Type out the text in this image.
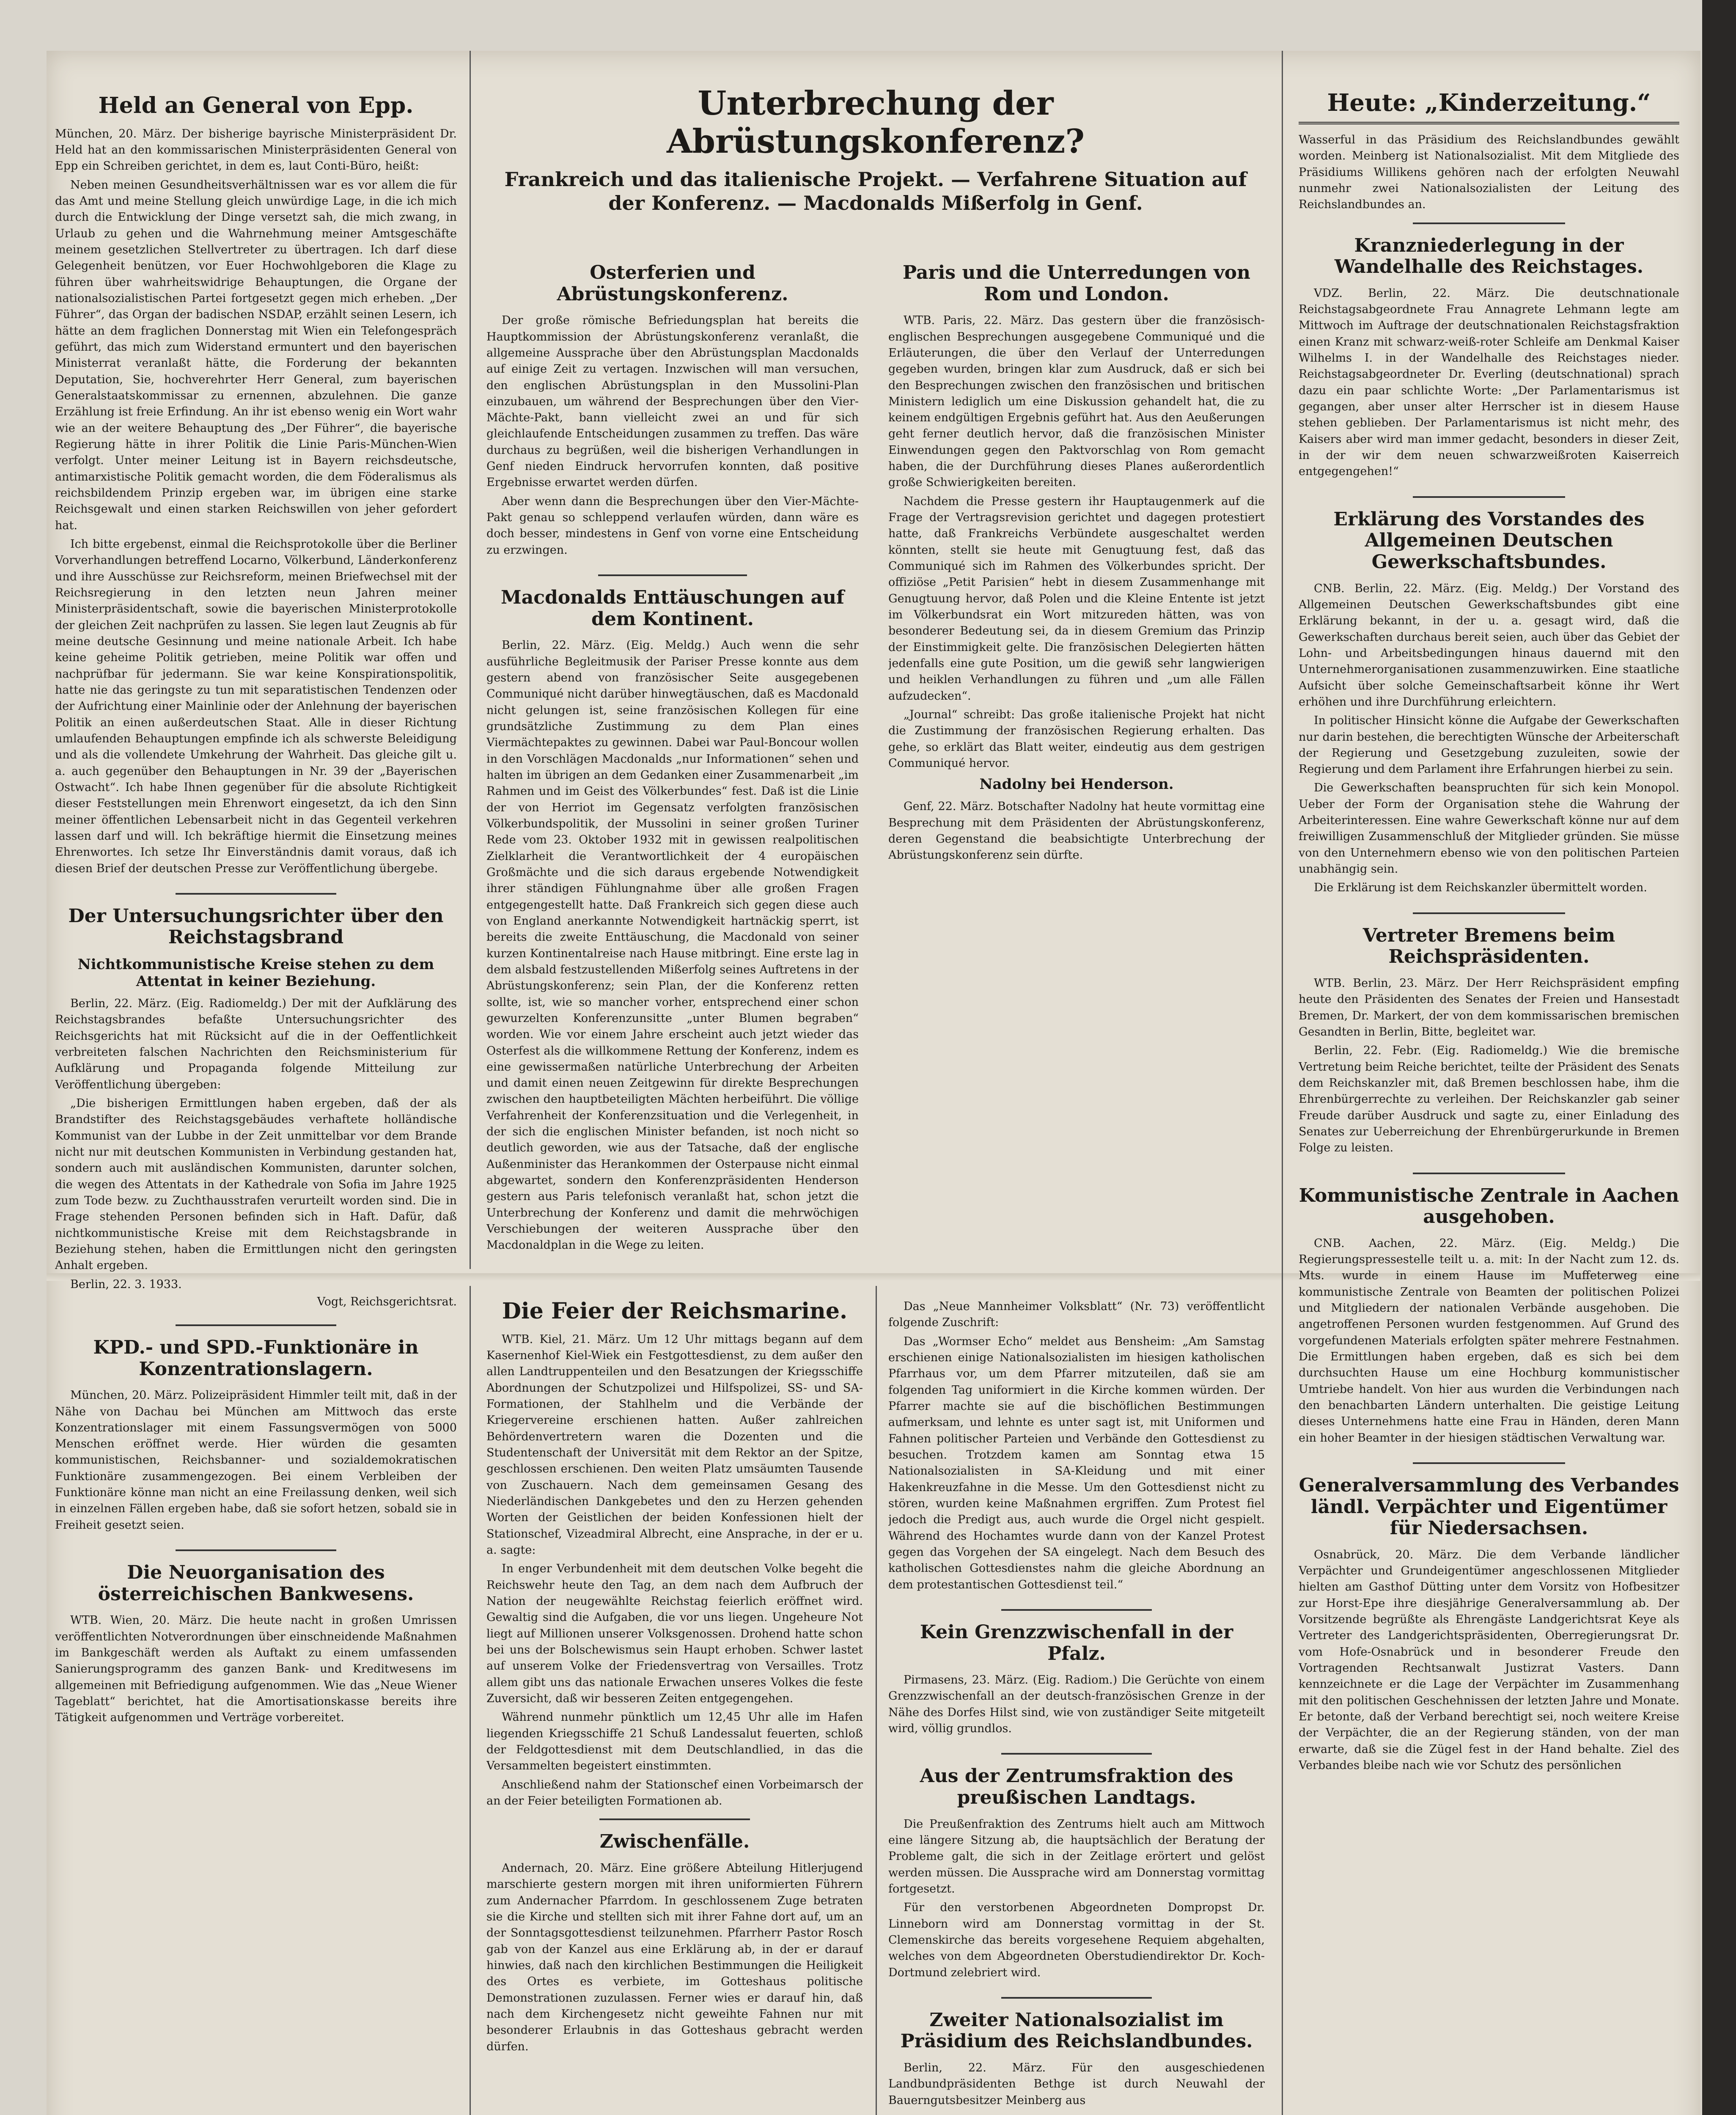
Held an General von Epp.

München, 20. März. Der bisherige bayrische Ministerpräsident Dr. Held hat an den kommissarischen Ministerpräsidenten General von Epp ein Schreiben gerichtet, in dem es, laut Conti-Büro, heißt:

Neben meinen Gesundheitsverhältnissen war es vor allem die für das Amt und meine Stellung gleich unwürdige Lage, in die ich mich durch die Entwicklung der Dinge versetzt sah, die mich zwang, in Urlaub zu gehen und die Wahrnehmung meiner Amtsgeschäfte meinem gesetzlichen Stellvertreter zu übertragen. Ich darf diese Gelegenheit benützen, vor Euer Hochwohlgeboren die Klage zu führen über wahrheitswidrige Behauptungen, die Organe der nationalsozialistischen Partei fortgesetzt gegen mich erheben. „Der Führer“, das Organ der badischen NSDAP, erzählt seinen Lesern, ich hätte an dem fraglichen Donnerstag mit Wien ein Telefongespräch geführt, das mich zum Widerstand ermuntert und den bayerischen Ministerrat veranlaßt hätte, die Forderung der bekannten Deputation, Sie, hochverehrter Herr General, zum bayerischen Generalstaatskommissar zu ernennen, abzulehnen. Die ganze Erzählung ist freie Erfindung. An ihr ist ebenso wenig ein Wort wahr wie an der weitere Behauptung des „Der Führer“, die bayerische Regierung hätte in ihrer Politik die Linie Paris-München-Wien verfolgt. Unter meiner Leitung ist in Bayern reichsdeutsche, antimarxistische Politik gemacht worden, die dem Föderalismus als reichsbildendem Prinzip ergeben war, im übrigen eine starke Reichsgewalt und einen starken Reichswillen von jeher gefordert hat.

Ich bitte ergebenst, einmal die Reichsprotokolle über die Berliner Vorverhandlungen betreffend Locarno, Völkerbund, Länderkonferenz und ihre Ausschüsse zur Reichsreform, meinen Briefwechsel mit der Reichsregierung in den letzten neun Jahren meiner Ministerpräsidentschaft, sowie die bayerischen Ministerprotokolle der gleichen Zeit nachprüfen zu lassen. Sie legen laut Zeugnis ab für meine deutsche Gesinnung und meine nationale Arbeit. Ich habe keine geheime Politik getrieben, meine Politik war offen und nachprüfbar für jedermann. Sie war keine Konspirationspolitik, hatte nie das geringste zu tun mit separatistischen Tendenzen oder der Aufrichtung einer Mainlinie oder der Anlehnung der bayerischen Politik an einen außerdeutschen Staat. Alle in dieser Richtung umlaufenden Behauptungen empfinde ich als schwerste Beleidigung und als die vollendete Umkehrung der Wahrheit. Das gleiche gilt u. a. auch gegenüber den Behauptungen in Nr. 39 der „Bayerischen Ostwacht“. Ich habe Ihnen gegenüber für die absolute Richtigkeit dieser Feststellungen mein Ehrenwort eingesetzt, da ich den Sinn meiner öffentlichen Lebensarbeit nicht in das Gegenteil verkehren lassen darf und will. Ich bekräftige hiermit die Einsetzung meines Ehrenwortes. Ich setze Ihr Einverständnis damit voraus, daß ich diesen Brief der deutschen Presse zur Veröffentlichung übergebe.

Der Untersuchungsrichter über den Reichstagsbrand
Nichtkommunistische Kreise stehen zu dem Attentat in keiner Beziehung.

Berlin, 22. März. (Eig. Radiomeldg.) Der mit der Aufklärung des Reichstagsbrandes befaßte Untersuchungsrichter des Reichsgerichts hat mit Rücksicht auf die in der Oeffentlichkeit verbreiteten falschen Nachrichten den Reichsministerium für Aufklärung und Propaganda folgende Mitteilung zur Veröffentlichung übergeben:

„Die bisherigen Ermittlungen haben ergeben, daß der als Brandstifter des Reichstagsgebäudes verhaftete holländische Kommunist van der Lubbe in der Zeit unmittelbar vor dem Brande nicht nur mit deutschen Kommunisten in Verbindung gestanden hat, sondern auch mit ausländischen Kommunisten, darunter solchen, die wegen des Attentats in der Kathedrale von Sofia im Jahre 1925 zum Tode bezw. zu Zuchthausstrafen verurteilt worden sind. Die in Frage stehenden Personen befinden sich in Haft. Dafür, daß nichtkommunistische Kreise mit dem Reichstagsbrande in Beziehung stehen, haben die Ermittlungen nicht den geringsten Anhalt ergeben.

Berlin, 22. 3. 1933.

Vogt, Reichsgerichtsrat.
KPD.- und SPD.-Funktionäre in Konzentrationslagern.

München, 20. März. Polizeipräsident Himmler teilt mit, daß in der Nähe von Dachau bei München am Mittwoch das erste Konzentrationslager mit einem Fassungsvermögen von 5000 Menschen eröffnet werde. Hier würden die gesamten kommunistischen, Reichsbanner- und sozialdemokratischen Funktionäre zusammengezogen. Bei einem Verbleiben der Funktionäre könne man nicht an eine Freilassung denken, weil sich in einzelnen Fällen ergeben habe, daß sie sofort hetzen, sobald sie in Freiheit gesetzt seien.

Die Neuorganisation des österreichischen Bankwesens.

WTB. Wien, 20. März. Die heute nacht in großen Umrissen veröffentlichten Notverordnungen über einschneidende Maßnahmen im Bankgeschäft werden als Auftakt zu einem umfassenden Sanierungsprogramm des ganzen Bank- und Kreditwesens im allgemeinen mit Befriedigung aufgenommen. Wie das „Neue Wiener Tageblatt“ berichtet, hat die Amortisationskasse bereits ihre Tätigkeit aufgenommen und Verträge vorbereitet.

Unterbrechung der Abrüstungskonferenz?
Frankreich und das italienische Projekt. — Verfahrene Situation auf der Konferenz. — Macdonalds Mißerfolg in Genf.
Osterferien und Abrüstungskonferenz.

Der große römische Befriedungsplan hat bereits die Hauptkommission der Abrüstungskonferenz veranlaßt, die allgemeine Aussprache über den Abrüstungsplan Macdonalds auf einige Zeit zu vertagen. Inzwischen will man versuchen, den englischen Abrüstungsplan in den Mussolini-Plan einzubauen, um während der Besprechungen über den Vier-Mächte-Pakt, bann vielleicht zwei an und für sich gleichlaufende Entscheidungen zusammen zu treffen. Das wäre durchaus zu begrüßen, weil die bisherigen Verhandlungen in Genf nieden Eindruck hervorrufen konnten, daß positive Ergebnisse erwartet werden dürfen.

Aber wenn dann die Besprechungen über den Vier-Mächte-Pakt genau so schleppend verlaufen würden, dann wäre es doch besser, mindestens in Genf von vorne eine Entscheidung zu erzwingen.

Macdonalds Enttäuschungen auf dem Kontinent.

Berlin, 22. März. (Eig. Meldg.) Auch wenn die sehr ausführliche Begleitmusik der Pariser Presse konnte aus dem gestern abend von französischer Seite ausgegebenen Communiqué nicht darüber hinwegtäuschen, daß es Macdonald nicht gelungen ist, seine französischen Kollegen für eine grundsätzliche Zustimmung zu dem Plan eines Viermächtepaktes zu gewinnen. Dabei war Paul-Boncour wollen in den Vorschlägen Macdonalds „nur Informationen“ sehen und halten im übrigen an dem Gedanken einer Zusammenarbeit „im Rahmen und im Geist des Völkerbundes“ fest. Daß ist die Linie der von Herriot im Gegensatz verfolgten französischen Völkerbundspolitik, der Mussolini in seiner großen Turiner Rede vom 23. Oktober 1932 mit in gewissen realpolitischen Zielklarheit die Verantwortlichkeit der 4 europäischen Großmächte und die sich daraus ergebende Notwendigkeit ihrer ständigen Fühlungnahme über alle großen Fragen entgegengestellt hatte. Daß Frankreich sich gegen diese auch von England anerkannte Notwendigkeit hartnäckig sperrt, ist bereits die zweite Enttäuschung, die Macdonald von seiner kurzen Kontinentalreise nach Hause mitbringt. Eine erste lag in dem alsbald festzustellenden Mißerfolg seines Auftretens in der Abrüstungskonferenz; sein Plan, der die Konferenz retten sollte, ist, wie so mancher vorher, entsprechend einer schon gewurzelten Konferenzunsitte „unter Blumen begraben“ worden. Wie vor einem Jahre erscheint auch jetzt wieder das Osterfest als die willkommene Rettung der Konferenz, indem es eine gewissermaßen natürliche Unterbrechung der Arbeiten und damit einen neuen Zeitgewinn für direkte Besprechungen zwischen den hauptbeteiligten Mächten herbeiführt. Die völlige Verfahrenheit der Konferenzsituation und die Verlegenheit, in der sich die englischen Minister befanden, ist noch nicht so deutlich geworden, wie aus der Tatsache, daß der englische Außenminister das Herankommen der Osterpause nicht einmal abgewartet, sondern den Konferenzpräsidenten Henderson gestern aus Paris telefonisch veranlaßt hat, schon jetzt die Unterbrechung der Konferenz und damit die mehrwöchigen Verschiebungen der weiteren Aussprache über den Macdonaldplan in die Wege zu leiten.

Paris und die Unterredungen von Rom und London.

WTB. Paris, 22. März. Das gestern über die französisch-englischen Besprechungen ausgegebene Communiqué und die Erläuterungen, die über den Verlauf der Unterredungen gegeben wurden, bringen klar zum Ausdruck, daß er sich bei den Besprechungen zwischen den französischen und britischen Ministern lediglich um eine Diskussion gehandelt hat, die zu keinem endgültigen Ergebnis geführt hat. Aus den Aeußerungen geht ferner deutlich hervor, daß die französischen Minister Einwendungen gegen den Paktvorschlag von Rom gemacht haben, die der Durchführung dieses Planes außerordentlich große Schwierigkeiten bereiten.

Nachdem die Presse gestern ihr Hauptaugenmerk auf die Frage der Vertragsrevision gerichtet und dagegen protestiert hatte, daß Frankreichs Verbündete ausgeschaltet werden könnten, stellt sie heute mit Genugtuung fest, daß das Communiqué sich im Rahmen des Völkerbundes spricht. Der offiziöse „Petit Parisien“ hebt in diesem Zusammenhange mit Genugtuung hervor, daß Polen und die Kleine Entente ist jetzt im Völkerbundsrat ein Wort mitzureden hätten, was von besonderer Bedeutung sei, da in diesem Gremium das Prinzip der Einstimmigkeit gelte. Die französischen Delegierten hätten jedenfalls eine gute Position, um die gewiß sehr langwierigen und heiklen Verhandlungen zu führen und „um alle Fällen aufzudecken“.

„Journal“ schreibt: Das große italienische Projekt hat nicht die Zustimmung der französischen Regierung erhalten. Das gehe, so erklärt das Blatt weiter, eindeutig aus dem gestrigen Communiqué hervor.

Nadolny bei Henderson.

Genf, 22. März. Botschafter Nadolny hat heute vormittag eine Besprechung mit dem Präsidenten der Abrüstungskonferenz, deren Gegenstand die beabsichtigte Unterbrechung der Abrüstungskonferenz sein dürfte.

Die Feier der Reichsmarine.

WTB. Kiel, 21. März. Um 12 Uhr mittags begann auf dem Kasernenhof Kiel-Wiek ein Festgottesdienst, zu dem außer den allen Landtruppenteilen und den Besatzungen der Kriegsschiffe Abordnungen der Schutzpolizei und Hilfspolizei, SS- und SA-Formationen, der Stahlhelm und die Verbände der Kriegervereine erschienen hatten. Außer zahlreichen Behördenvertretern waren die Dozenten und die Studentenschaft der Universität mit dem Rektor an der Spitze, geschlossen erschienen. Den weiten Platz umsäumten Tausende von Zuschauern. Nach dem gemeinsamen Gesang des Niederländischen Dankgebetes und den zu Herzen gehenden Worten der Geistlichen der beiden Konfessionen hielt der Stationschef, Vizeadmiral Albrecht, eine Ansprache, in der er u. a. sagte:

In enger Verbundenheit mit dem deutschen Volke begeht die Reichswehr heute den Tag, an dem nach dem Aufbruch der Nation der neugewählte Reichstag feierlich eröffnet wird. Gewaltig sind die Aufgaben, die vor uns liegen. Ungeheure Not liegt auf Millionen unserer Volksgenossen. Drohend hatte schon bei uns der Bolschewismus sein Haupt erhoben. Schwer lastet auf unserem Volke der Friedensvertrag von Versailles. Trotz allem gibt uns das nationale Erwachen unseres Volkes die feste Zuversicht, daß wir besseren Zeiten entgegengehen.

Während nunmehr pünktlich um 12,45 Uhr alle im Hafen liegenden Kriegsschiffe 21 Schuß Landessalut feuerten, schloß der Feldgottesdienst mit dem Deutschlandlied, in das die Versammelten begeistert einstimmten.

Anschließend nahm der Stationschef einen Vorbeimarsch der an der Feier beteiligten Formationen ab.

Zwischenfälle.

Andernach, 20. März. Eine größere Abteilung Hitlerjugend marschierte gestern morgen mit ihren uniformierten Führern zum Andernacher Pfarrdom. In geschlossenem Zuge betraten sie die Kirche und stellten sich mit ihrer Fahne dort auf, um an der Sonntagsgottesdienst teilzunehmen. Pfarrherr Pastor Rosch gab von der Kanzel aus eine Erklärung ab, in der er darauf hinwies, daß nach den kirchlichen Bestimmungen die Heiligkeit des Ortes es verbiete, im Gotteshaus politische Demonstrationen zuzulassen. Ferner wies er darauf hin, daß nach dem Kirchengesetz nicht geweihte Fahnen nur mit besonderer Erlaubnis in das Gotteshaus gebracht werden dürfen.

Das „Neue Mannheimer Volksblatt“ (Nr. 73) veröffentlicht folgende Zuschrift:

Das „Wormser Echo“ meldet aus Bensheim: „Am Samstag erschienen einige Nationalsozialisten im hiesigen katholischen Pfarrhaus vor, um dem Pfarrer mitzuteilen, daß sie am folgenden Tag uniformiert in die Kirche kommen würden. Der Pfarrer machte sie auf die bischöflichen Bestimmungen aufmerksam, und lehnte es unter sagt ist, mit Uniformen und Fahnen politischer Parteien und Verbände den Gottesdienst zu besuchen. Trotzdem kamen am Sonntag etwa 15 Nationalsozialisten in SA-Kleidung und mit einer Hakenkreuzfahne in die Messe. Um den Gottesdienst nicht zu stören, wurden keine Maßnahmen ergriffen. Zum Protest fiel jedoch die Predigt aus, auch wurde die Orgel nicht gespielt. Während des Hochamtes wurde dann von der Kanzel Protest gegen das Vorgehen der SA eingelegt. Nach dem Besuch des katholischen Gottesdienstes nahm die gleiche Abordnung an dem protestantischen Gottesdienst teil.“

Kein Grenzzwischenfall in der Pfalz.

Pirmasens, 23. März. (Eig. Radiom.) Die Gerüchte von einem Grenzzwischenfall an der deutsch-französischen Grenze in der Nähe des Dorfes Hilst sind, wie von zuständiger Seite mitgeteilt wird, völlig grundlos.

Aus der Zentrumsfraktion des preußischen Landtags.

Die Preußenfraktion des Zentrums hielt auch am Mittwoch eine längere Sitzung ab, die hauptsächlich der Beratung der Probleme galt, die sich in der Zeitlage erörtert und gelöst werden müssen. Die Aussprache wird am Donnerstag vormittag fortgesetzt.

Für den verstorbenen Abgeordneten Dompropst Dr. Linneborn wird am Donnerstag vormittag in der St. Clemenskirche das bereits vorgesehene Requiem abgehalten, welches von dem Abgeordneten Oberstudiendirektor Dr. Koch-Dortmund zelebriert wird.

Zweiter Nationalsozialist im Präsidium des Reichslandbundes.

Berlin, 22. März. Für den ausgeschiedenen Landbundpräsidenten Bethge ist durch Neuwahl der Bauerngutsbesitzer Meinberg aus

Heute: „Kinderzeitung.“

Wasserful in das Präsidium des Reichslandbundes gewählt worden. Meinberg ist Nationalsozialist. Mit dem Mitgliede des Präsidiums Willikens gehören nach der erfolgten Neuwahl nunmehr zwei Nationalsozialisten der Leitung des Reichslandbundes an.

Kranzniederlegung in der Wandelhalle des Reichstages.

VDZ. Berlin, 22. März. Die deutschnationale Reichstagsabgeordnete Frau Annagrete Lehmann legte am Mittwoch im Auftrage der deutschnationalen Reichstagsfraktion einen Kranz mit schwarz-weiß-roter Schleife am Denkmal Kaiser Wilhelms I. in der Wandelhalle des Reichstages nieder. Reichstagsabgeordneter Dr. Everling (deutschnational) sprach dazu ein paar schlichte Worte: „Der Parlamentarismus ist gegangen, aber unser alter Herrscher ist in diesem Hause stehen geblieben. Der Parlamentarismus ist nicht mehr, des Kaisers aber wird man immer gedacht, besonders in dieser Zeit, in der wir dem neuen schwarzweißroten Kaiserreich entgegengehen!“

Erklärung des Vorstandes des Allgemeinen Deutschen Gewerkschaftsbundes.

CNB. Berlin, 22. März. (Eig. Meldg.) Der Vorstand des Allgemeinen Deutschen Gewerkschaftsbundes gibt eine Erklärung bekannt, in der u. a. gesagt wird, daß die Gewerkschaften durchaus bereit seien, auch über das Gebiet der Lohn- und Arbeitsbedingungen hinaus dauernd mit den Unternehmerorganisationen zusammenzuwirken. Eine staatliche Aufsicht über solche Gemeinschaftsarbeit könne ihr Wert erhöhen und ihre Durchführung erleichtern.

In politischer Hinsicht könne die Aufgabe der Gewerkschaften nur darin bestehen, die berechtigten Wünsche der Arbeiterschaft der Regierung und Gesetzgebung zuzuleiten, sowie der Regierung und dem Parlament ihre Erfahrungen hierbei zu sein.

Die Gewerkschaften beanspruchten für sich kein Monopol. Ueber der Form der Organisation stehe die Wahrung der Arbeiterinteressen. Eine wahre Gewerkschaft könne nur auf dem freiwilligen Zusammenschluß der Mitglieder gründen. Sie müsse von den Unternehmern ebenso wie von den politischen Parteien unabhängig sein.

Die Erklärung ist dem Reichskanzler übermittelt worden.

Vertreter Bremens beim Reichspräsidenten.

WTB. Berlin, 23. März. Der Herr Reichspräsident empfing heute den Präsidenten des Senates der Freien und Hansestadt Bremen, Dr. Markert, der von dem kommissarischen bremischen Gesandten in Berlin, Bitte, begleitet war.

Berlin, 22. Febr. (Eig. Radiomeldg.) Wie die bremische Vertretung beim Reiche berichtet, teilte der Präsident des Senats dem Reichskanzler mit, daß Bremen beschlossen habe, ihm die Ehrenbürgerrechte zu verleihen. Der Reichskanzler gab seiner Freude darüber Ausdruck und sagte zu, einer Einladung des Senates zur Ueberreichung der Ehrenbürgerurkunde in Bremen Folge zu leisten.

Kommunistische Zentrale in Aachen ausgehoben.

CNB. Aachen, 22. März. (Eig. Meldg.) Die Regierungspressestelle teilt u. a. mit: In der Nacht zum 12. ds. Mts. wurde in einem Hause im Muffeterweg eine kommunistische Zentrale von Beamten der politischen Polizei und Mitgliedern der nationalen Verbände ausgehoben. Die angetroffenen Personen wurden festgenommen. Auf Grund des vorgefundenen Materials erfolgten später mehrere Festnahmen. Die Ermittlungen haben ergeben, daß es sich bei dem durchsuchten Hause um eine Hochburg kommunistischer Umtriebe handelt. Von hier aus wurden die Verbindungen nach den benachbarten Ländern unterhalten. Die geistige Leitung dieses Unternehmens hatte eine Frau in Händen, deren Mann ein hoher Beamter in der hiesigen städtischen Verwaltung war.

Generalversammlung des Verbandes ländl. Verpächter und Eigentümer für Niedersachsen.

Osnabrück, 20. März. Die dem Verbande ländlicher Verpächter und Grundeigentümer angeschlossenen Mitglieder hielten am Gasthof Dütting unter dem Vorsitz von Hofbesitzer zur Horst-Epe ihre diesjährige Generalversammlung ab. Der Vorsitzende begrüßte als Ehrengäste Landgerichtsrat Keye als Vertreter des Landgerichtspräsidenten, Oberregierungsrat Dr. vom Hofe-Osnabrück und in besonderer Freude den Vortragenden Rechtsanwalt Justizrat Vasters. Dann kennzeichnete er die Lage der Verpächter im Zusammenhang mit den politischen Geschehnissen der letzten Jahre und Monate. Er betonte, daß der Verband berechtigt sei, noch weitere Kreise der Verpächter, die an der Regierung ständen, von der man erwarte, daß sie die Zügel fest in der Hand behalte. Ziel des Verbandes bleibe nach wie vor Schutz des persönlichen
